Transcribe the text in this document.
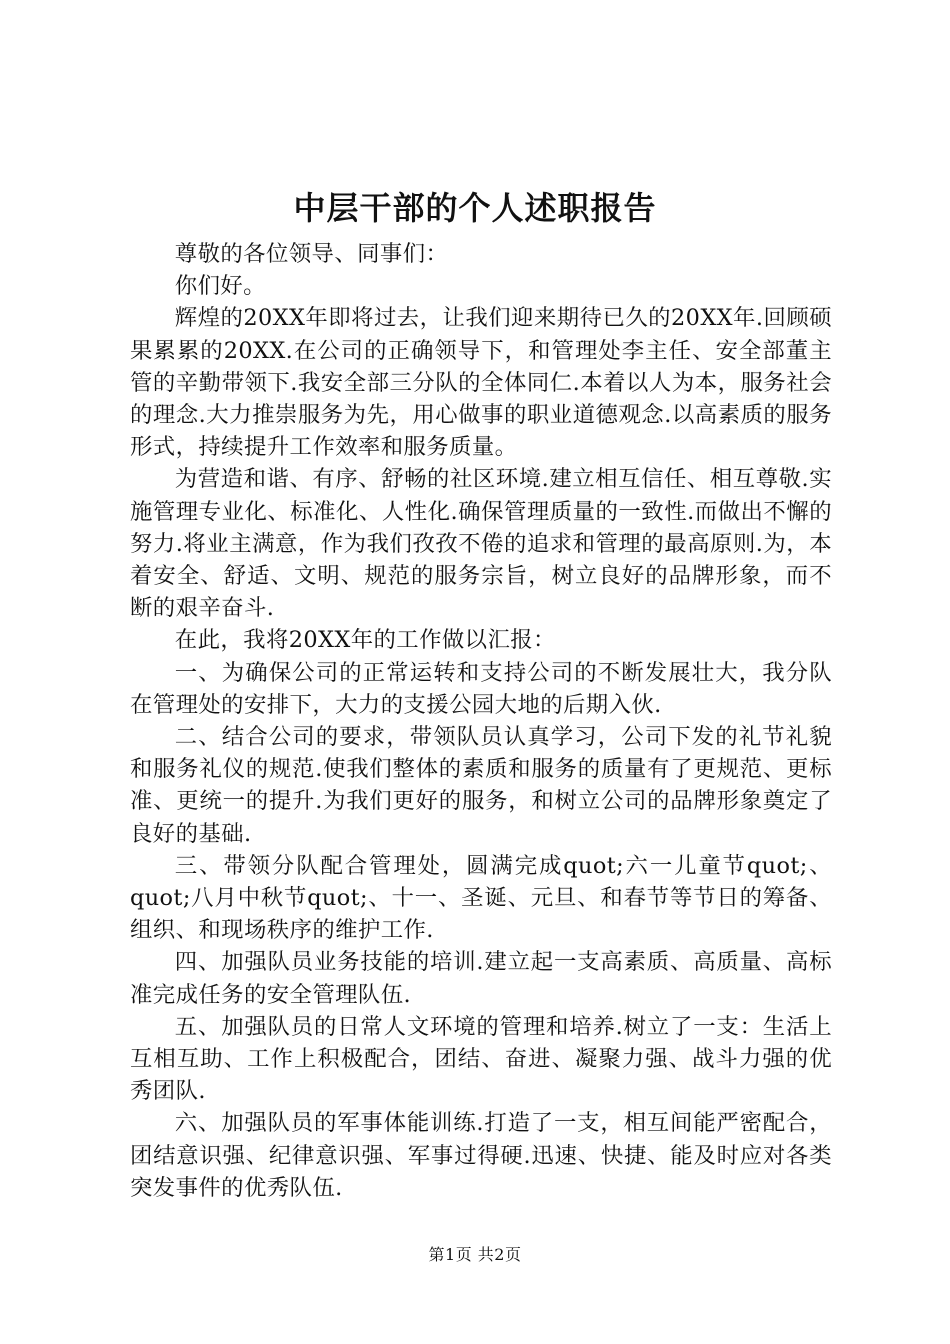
中层干部的个人述职报告

尊敬的各位领导、同事们：

你们好。

辉煌的20XX年即将过去，让我们迎来期待已久的20XX年.回顾硕果累累的20XX.在公司的正确领导下，和管理处李主任、安全部董主管的辛勤带领下.我安全部三分队的全体同仁.本着以人为本，服务社会的理念.大力推崇服务为先，用心做事的职业道德观念.以高素质的服务形式，持续提升工作效率和服务质量。

为营造和谐、有序、舒畅的社区环境.建立相互信任、相互尊敬.实施管理专业化、标准化、人性化.确保管理质量的一致性.而做出不懈的努力.将业主满意，作为我们孜孜不倦的追求和管理的最高原则.为，本着安全、舒适、文明、规范的服务宗旨，树立良好的品牌形象，而不断的艰辛奋斗.

在此，我将20XX年的工作做以汇报：

一、为确保公司的正常运转和支持公司的不断发展壮大，我分队在管理处的安排下，大力的支援公园大地的后期入伙.

二、结合公司的要求，带领队员认真学习，公司下发的礼节礼貌和服务礼仪的规范.使我们整体的素质和服务的质量有了更规范、更标准、更统一的提升.为我们更好的服务，和树立公司的品牌形象奠定了良好的基础.

三、带领分队配合管理处，圆满完成quot;六一儿童节quot;、quot;八月中秋节quot;、十一、圣诞、元旦、和春节等节日的筹备、组织、和现场秩序的维护工作.

四、加强队员业务技能的培训.建立起一支高素质、高质量、高标准完成任务的安全管理队伍.

五、加强队员的日常人文环境的管理和培养.树立了一支：生活上互相互助、工作上积极配合，团结、奋进、凝聚力强、战斗力强的优秀团队.

六、加强队员的军事体能训练.打造了一支，相互间能严密配合，团结意识强、纪律意识强、军事过得硬.迅速、快捷、能及时应对各类突发事件的优秀队伍.

第1页 共2页
